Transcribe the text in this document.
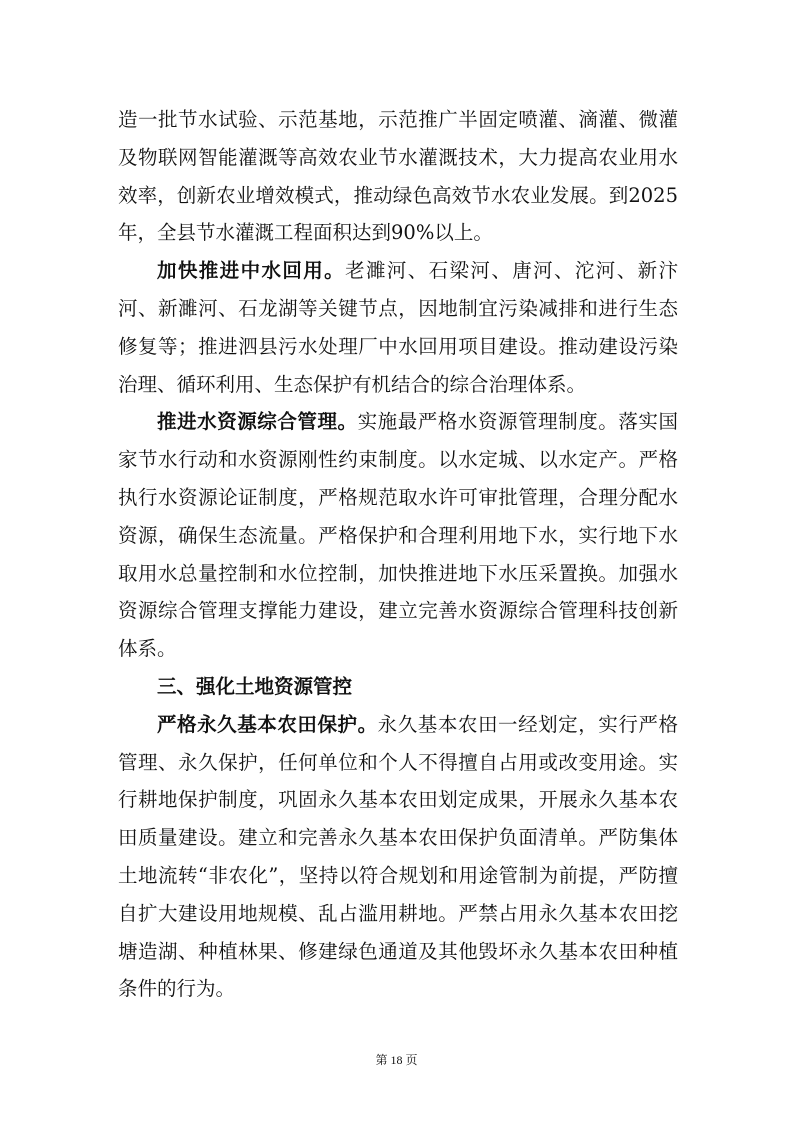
造一批节水试验、示范基地，示范推广半固定喷灌、滴灌、微灌及物联网智能灌溉等高效农业节水灌溉技术，大力提高农业用水效率，创新农业增效模式，推动绿色高效节水农业发展。到2025年，全县节水灌溉工程面积达到90%以上。

加快推进中水回用。老濉河、石梁河、唐河、沱河、新汴河、新濉河、石龙湖等关键节点，因地制宜污染减排和进行生态修复等；推进泗县污水处理厂中水回用项目建设。推动建设污染治理、循环利用、生态保护有机结合的综合治理体系。

推进水资源综合管理。实施最严格水资源管理制度。落实国家节水行动和水资源刚性约束制度。以水定城、以水定产。严格执行水资源论证制度，严格规范取水许可审批管理，合理分配水资源，确保生态流量。严格保护和合理利用地下水，实行地下水取用水总量控制和水位控制，加快推进地下水压采置换。加强水资源综合管理支撑能力建设，建立完善水资源综合管理科技创新体系。

三、强化土地资源管控

严格永久基本农田保护。永久基本农田一经划定，实行严格管理、永久保护，任何单位和个人不得擅自占用或改变用途。实行耕地保护制度，巩固永久基本农田划定成果，开展永久基本农田质量建设。建立和完善永久基本农田保护负面清单。严防集体土地流转“非农化”，坚持以符合规划和用途管制为前提，严防擅自扩大建设用地规模、乱占滥用耕地。严禁占用永久基本农田挖塘造湖、种植林果、修建绿色通道及其他毁坏永久基本农田种植条件的行为。

第 18 页
